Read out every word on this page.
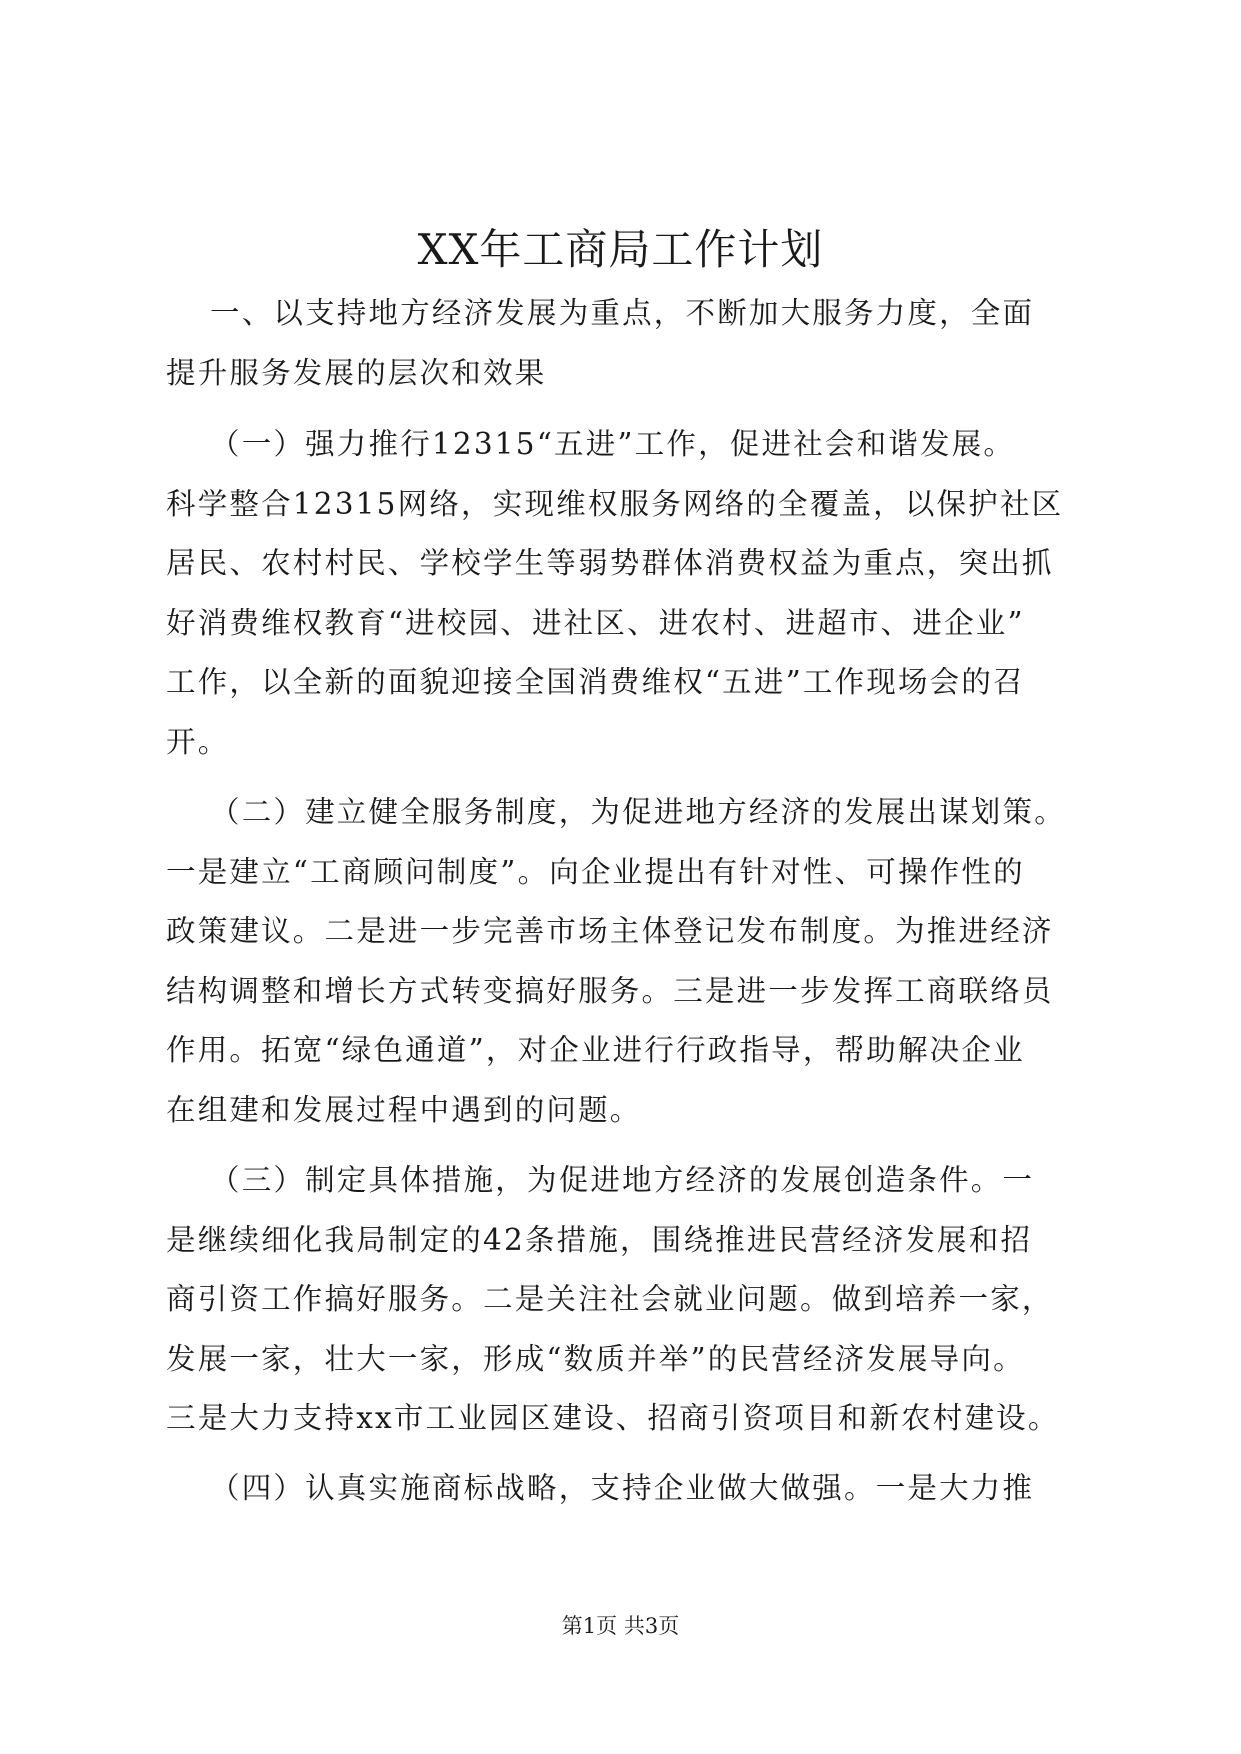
XX年工商局工作计划
一、以支持地方经济发展为重点，不断加大服务力度，全面
提升服务发展的层次和效果
（一）强力推行12315“五进”工作，促进社会和谐发展。
科学整合12315网络，实现维权服务网络的全覆盖，以保护社区
居民、农村村民、学校学生等弱势群体消费权益为重点，突出抓
好消费维权教育“进校园、进社区、进农村、进超市、进企业”
工作，以全新的面貌迎接全国消费维权“五进”工作现场会的召
开。
（二）建立健全服务制度，为促进地方经济的发展出谋划策。
一是建立“工商顾问制度”。向企业提出有针对性、可操作性的
政策建议。二是进一步完善市场主体登记发布制度。为推进经济
结构调整和增长方式转变搞好服务。三是进一步发挥工商联络员
作用。拓宽“绿色通道”，对企业进行行政指导，帮助解决企业
在组建和发展过程中遇到的问题。
（三）制定具体措施，为促进地方经济的发展创造条件。一
是继续细化我局制定的42条措施，围绕推进民营经济发展和招
商引资工作搞好服务。二是关注社会就业问题。做到培养一家，
发展一家，壮大一家，形成“数质并举”的民营经济发展导向。
三是大力支持xx市工业园区建设、招商引资项目和新农村建设。
（四）认真实施商标战略，支持企业做大做强。一是大力推
第1页 共3页
